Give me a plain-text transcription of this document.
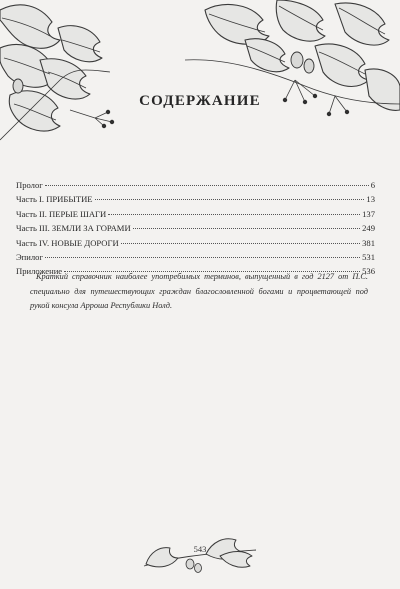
СОДЕРЖАНИЕ
Пролог	6
Часть I. ПРИБЫТИЕ	13
Часть II. ПЕРЫЕ ШАГИ	137
Часть III. ЗЕМЛИ ЗА ГОРАМИ	249
Часть IV. НОВЫЕ ДОРОГИ	381
Эпилог	531
Приложение	536

Краткий справочник наиболее употребимых терминов, выпущенный в год 2127 от П.С. специально для путешествующих граждан благословленной богами и процветающей под рукой консула Арроша Республики Нолд.

543
